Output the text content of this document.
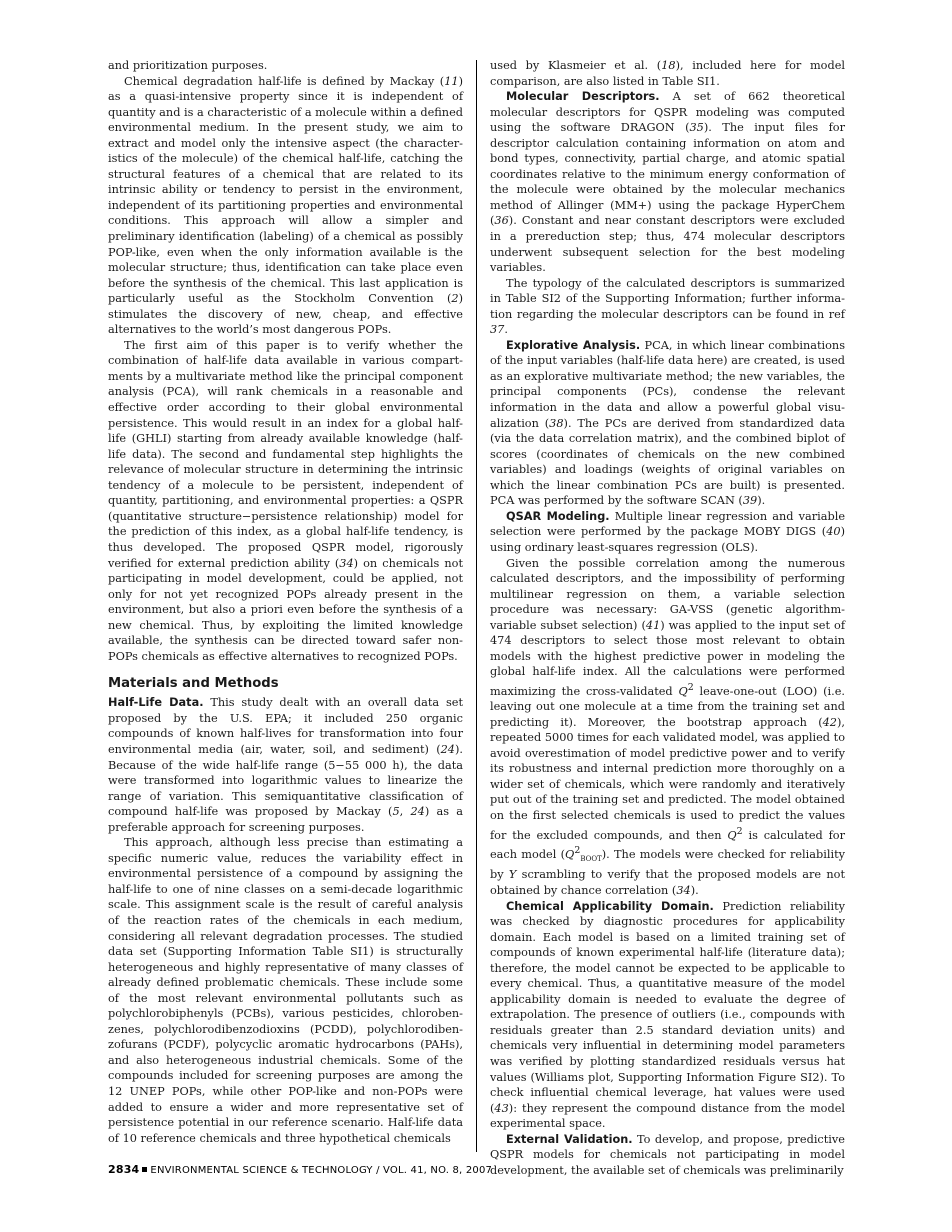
and prioritization purposes.

Chemical degradation half-life is defined by Mackay (11) as a quasi-intensive property since it is independent of quantity and is a characteristic of a molecule within a defined environmental medium. In the present study, we aim to extract and model only the intensive aspect (the characteristics of the molecule) of the chemical half-life, catching the structural features of a chemical that are related to its intrinsic ability or tendency to persist in the environment, independent of its partitioning properties and environmental conditions. This approach will allow a simpler and preliminary identification (labeling) of a chemical as possibly POP-like, even when the only information available is the molecular structure; thus, identification can take place even before the synthesis of the chemical. This last application is particularly useful as the Stockholm Convention (2) stimulates the discovery of new, cheap, and effective alternatives to the world’s most dangerous POPs.

The first aim of this paper is to verify whether the combination of half-life data available in various compartments by a multivariate method like the principal component analysis (PCA), will rank chemicals in a reasonable and effective order according to their global environmental persistence. This would result in an index for a global half-life (GHLI) starting from already available knowledge (half-life data). The second and fundamental step highlights the relevance of molecular structure in determining the intrinsic tendency of a molecule to be persistent, independent of quantity, partitioning, and environmental properties: a QSPR (quantitative structure−persistence relationship) model for the prediction of this index, as a global half-life tendency, is thus developed. The proposed QSPR model, rigorously verified for external prediction ability (34) on chemicals not participating in model development, could be applied, not only for not yet recognized POPs already present in the environment, but also a priori even before the synthesis of a new chemical. Thus, by exploiting the limited knowledge available, the synthesis can be directed toward safer non-POPs chemicals as effective alternatives to recognized POPs.

Materials and Methods

Half-Life Data. This study dealt with an overall data set proposed by the U.S. EPA; it included 250 organic compounds of known half-lives for transformation into four environmental media (air, water, soil, and sediment) (24). Because of the wide half-life range (5−55 000 h), the data were transformed into logarithmic values to linearize the range of variation. This semiquantitative classification of compound half-life was proposed by Mackay (5, 24) as a preferable approach for screening purposes.

This approach, although less precise than estimating a specific numeric value, reduces the variability effect in environmental persistence of a compound by assigning the half-life to one of nine classes on a semi-decade logarithmic scale. This assignment scale is the result of careful analysis of the reaction rates of the chemicals in each medium, considering all relevant degradation processes. The studied data set (Supporting Information Table SI1) is structurally heterogeneous and highly representative of many classes of already defined problematic chemicals. These include some of the most relevant environmental pollutants such as polychlorobiphenyls (PCBs), various pesticides, chlorobenzenes, polychlorodibenzodioxins (PCDD), polychlorodibenzofurans (PCDF), polycyclic aromatic hydrocarbons (PAHs), and also heterogeneous industrial chemicals. Some of the compounds included for screening purposes are among the 12 UNEP POPs, while other POP-like and non-POPs were added to ensure a wider and more representative set of persistence potential in our reference scenario. Half-life data of 10 reference chemicals and three hypothetical chemicals

used by Klasmeier et al. (18), included here for model comparison, are also listed in Table SI1.

Molecular Descriptors. A set of 662 theoretical molecular descriptors for QSPR modeling was computed using the software DRAGON (35). The input files for descriptor calculation containing information on atom and bond types, connectivity, partial charge, and atomic spatial coordinates relative to the minimum energy conformation of the molecule were obtained by the molecular mechanics method of Allinger (MM+) using the package HyperChem (36). Constant and near constant descriptors were excluded in a prereduction step; thus, 474 molecular descriptors underwent subsequent selection for the best modeling variables.

The typology of the calculated descriptors is summarized in Table SI2 of the Supporting Information; further information regarding the molecular descriptors can be found in ref 37.

Explorative Analysis. PCA, in which linear combinations of the input variables (half-life data here) are created, is used as an explorative multivariate method; the new variables, the principal components (PCs), condense the relevant information in the data and allow a powerful global visualization (38). The PCs are derived from standardized data (via the data correlation matrix), and the combined biplot of scores (coordinates of chemicals on the new combined variables) and loadings (weights of original variables on which the linear combination PCs are built) is presented. PCA was performed by the software SCAN (39).

QSAR Modeling. Multiple linear regression and variable selection were performed by the package MOBY DIGS (40) using ordinary least-squares regression (OLS).

Given the possible correlation among the numerous calculated descriptors, and the impossibility of performing multilinear regression on them, a variable selection procedure was necessary: GA-VSS (genetic algorithm-variable subset selection) (41) was applied to the input set of 474 descriptors to select those most relevant to obtain models with the highest predictive power in modeling the global half-life index. All the calculations were performed maximizing the cross-validated $Q^2$ leave-one-out (LOO) (i.e. leaving out one molecule at a time from the training set and predicting it). Moreover, the bootstrap approach (42), repeated 5000 times for each validated model, was applied to avoid overestimation of model predictive power and to verify its robustness and internal prediction more thoroughly on a wider set of chemicals, which were randomly and iteratively put out of the training set and predicted. The model obtained on the first selected chemicals is used to predict the values for the excluded compounds, and then $Q^2$ is calculated for each model $(Q^2_{BOOT})$. The models were checked for reliability by Y scrambling to verify that the proposed models are not obtained by chance correlation (34).

Chemical Applicability Domain. Prediction reliability was checked by diagnostic procedures for applicability domain. Each model is based on a limited training set of compounds of known experimental half-life (literature data); therefore, the model cannot be expected to be applicable to every chemical. Thus, a quantitative measure of the model applicability domain is needed to evaluate the degree of extrapolation. The presence of outliers (i.e., compounds with residuals greater than 2.5 standard deviation units) and chemicals very influential in determining model parameters was verified by plotting standardized residuals versus hat values (Williams plot, Supporting Information Figure SI2). To check influential chemical leverage, hat values were used (43): they represent the compound distance from the model experimental space.

External Validation. To develop, and propose, predictive QSPR models for chemicals not participating in model development, the available set of chemicals was preliminarily

2834 ENVIRONMENTAL SCIENCE & TECHNOLOGY / VOL. 41, NO. 8, 2007
